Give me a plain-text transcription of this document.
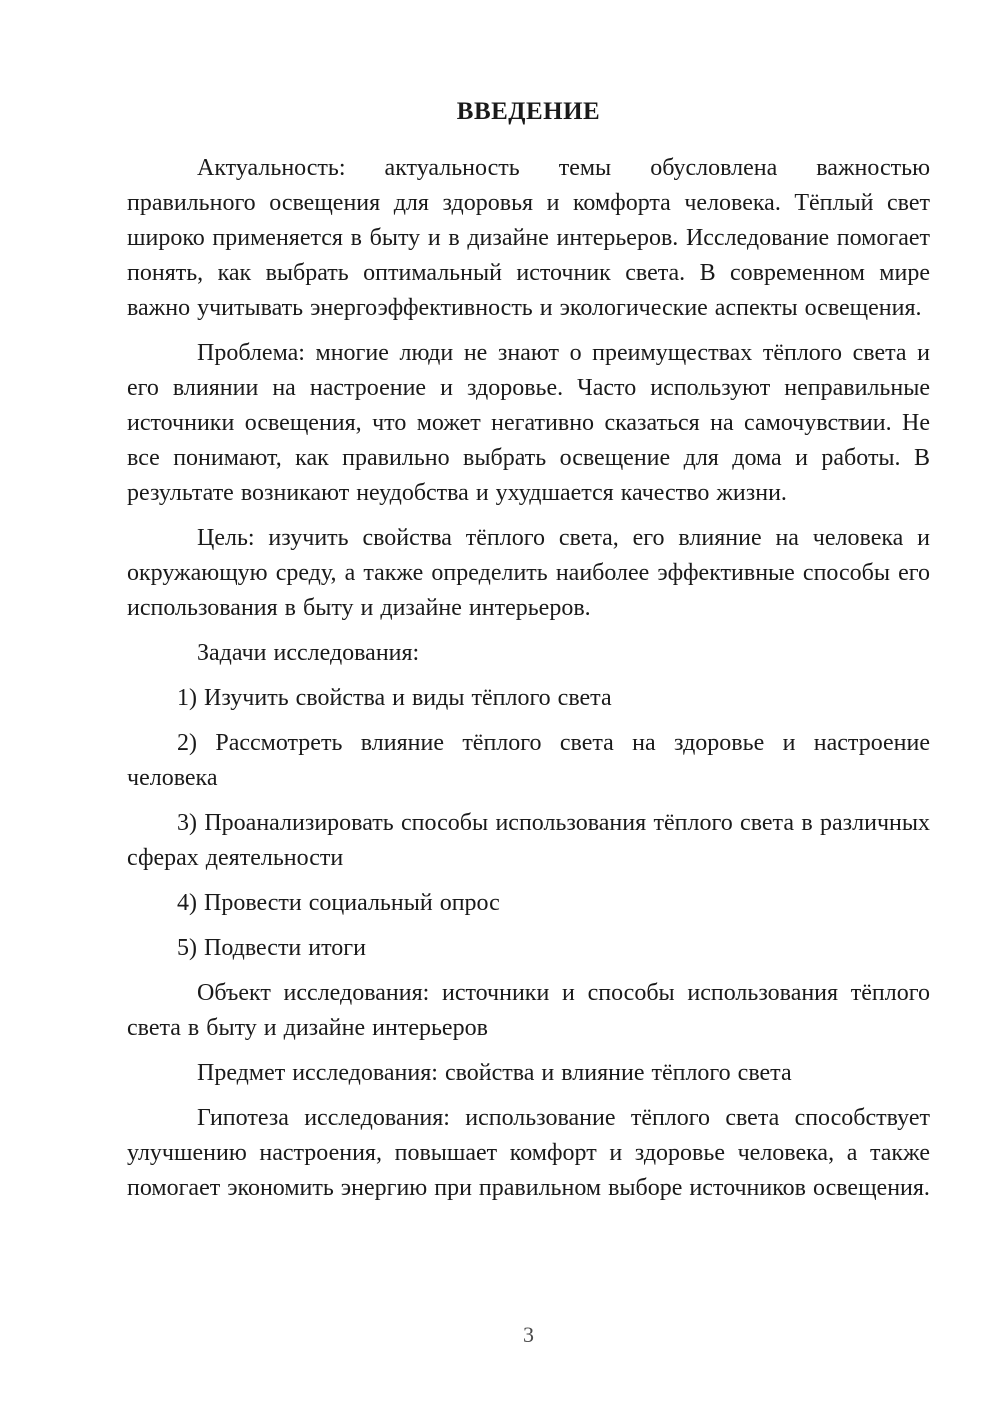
ВВЕДЕНИЕ

Актуальность: актуальность темы обусловлена важностью правильного освещения для здоровья и комфорта человека. Тёплый свет широко применяется в быту и в дизайне интерьеров. Исследование помогает понять, как выбрать оптимальный источник света. В современном мире важно учитывать энергоэффективность и экологические аспекты освещения.

Проблема: многие люди не знают о преимуществах тёплого света и его влиянии на настроение и здоровье. Часто используют неправильные источники освещения, что может негативно сказаться на самочувствии. Не все понимают, как правильно выбрать освещение для дома и работы. В результате возникают неудобства и ухудшается качество жизни.

Цель: изучить свойства тёплого света, его влияние на человека и окружающую среду, а также определить наиболее эффективные способы его использования в быту и дизайне интерьеров.

Задачи исследования:

1) Изучить свойства и виды тёплого света

2) Рассмотреть влияние тёплого света на здоровье и настроение человека

3) Проанализировать способы использования тёплого света в различных сферах деятельности

4) Провести социальный опрос

5) Подвести итоги

Объект исследования: источники и способы использования тёплого света в быту и дизайне интерьеров

Предмет исследования: свойства и влияние тёплого света

Гипотеза исследования: использование тёплого света способствует улучшению настроения, повышает комфорт и здоровье человека, а также помогает экономить энергию при правильном выборе источников освещения.

3
